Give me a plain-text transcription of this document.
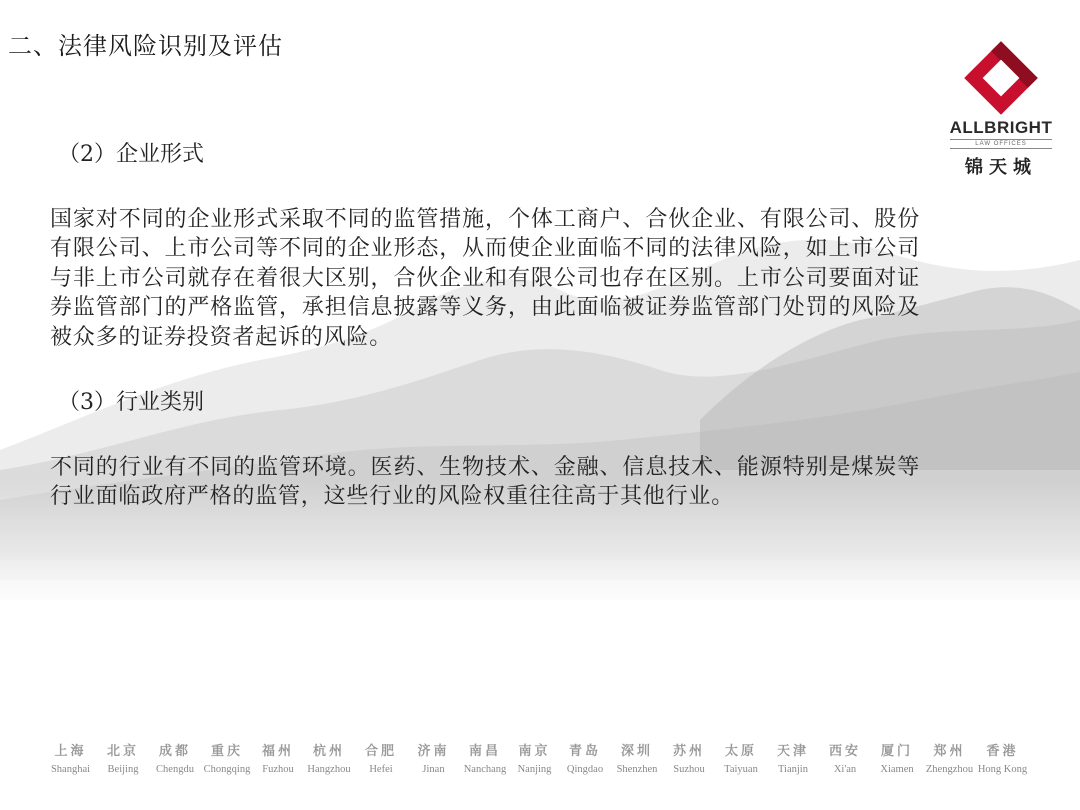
二、法律风险识别及评估
ALLBRIGHT
LAW OFFICES
锦天城

（2）企业形式

国家对不同的企业形式采取不同的监管措施，个体工商户、合伙企业、有限公司、股份有限公司、上市公司等不同的企业形态，从而使企业面临不同的法律风险，如上市公司与非上市公司就存在着很大区别，合伙企业和有限公司也存在区别。上市公司要面对证券监管部门的严格监管，承担信息披露等义务，由此面临被证券监管部门处罚的风险及被众多的证券投资者起诉的风险。

（3）行业类别

不同的行业有不同的监管环境。医药、生物技术、金融、信息技术、能源特别是煤炭等行业面临政府严格的监管，这些行业的风险权重往往高于其他行业。

上海	北京	成都	重庆	福州	杭州	合肥	济南	南昌	南京	青岛	深圳	苏州	太原	天津	西安	厦门	郑州	香港
Shanghai	Beijing	Chengdu Chongqing	Fuzhou	Hangzhou	Hefei	Jinan	Nanchang	Nanjing	Qingdao	Shenzhen	Suzhou	Taiyuan	Tianjin	Xi'an	Xiamen	Zhengzhou Hong Kong
